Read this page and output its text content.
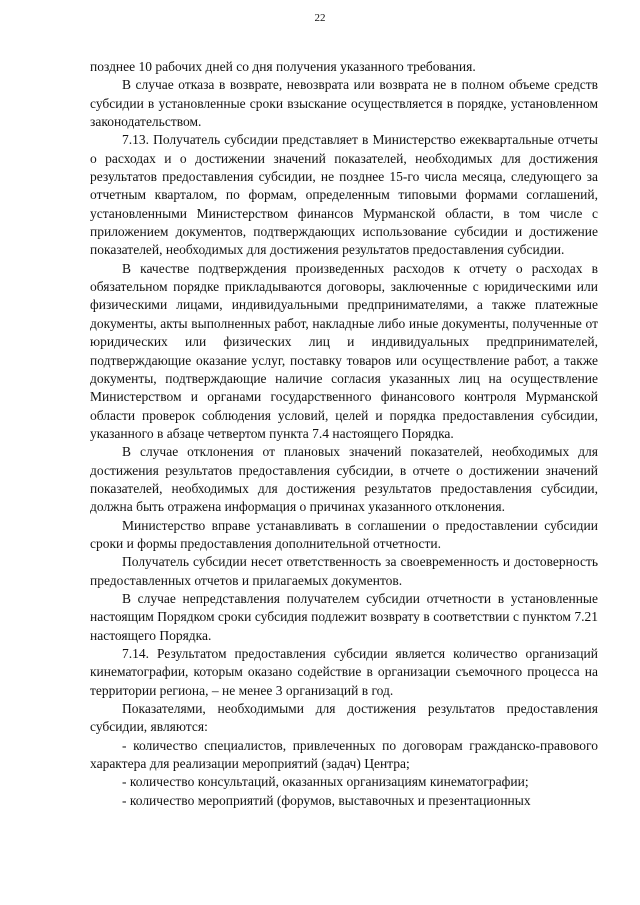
22

позднее 10 рабочих дней со дня получения указанного требования.

В случае отказа в возврате, невозврата или возврата не в полном объеме средств субсидии в установленные сроки взыскание осуществляется в порядке, установленном законодательством.

7.13. Получатель субсидии представляет в Министерство ежеквартальные отчеты о расходах и о достижении значений показателей, необходимых для достижения результатов предоставления субсидии, не позднее 15-го числа месяца, следующего за отчетным кварталом, по формам, определенным типовыми формами соглашений, установленными Министерством финансов Мурманской области, в том числе с приложением документов, подтверждающих использование субсидии и достижение показателей, необходимых для достижения результатов предоставления субсидии.

В качестве подтверждения произведенных расходов к отчету о расходах в обязательном порядке прикладываются договоры, заключенные с юридическими или физическими лицами, индивидуальными предпринимателями, а также платежные документы, акты выполненных работ, накладные либо иные документы, полученные от юридических или физических лиц и индивидуальных предпринимателей, подтверждающие оказание услуг, поставку товаров или осуществление работ, а также документы, подтверждающие наличие согласия указанных лиц на осуществление Министерством и органами государственного финансового контроля Мурманской области проверок соблюдения условий, целей и порядка предоставления субсидии, указанного в абзаце четвертом пункта 7.4 настоящего Порядка.

В случае отклонения от плановых значений показателей, необходимых для достижения результатов предоставления субсидии, в отчете о достижении значений показателей, необходимых для достижения результатов предоставления субсидии, должна быть отражена информация о причинах указанного отклонения.

Министерство вправе устанавливать в соглашении о предоставлении субсидии сроки и формы предоставления дополнительной отчетности.

Получатель субсидии несет ответственность за своевременность и достоверность предоставленных отчетов и прилагаемых документов.

В случае непредставления получателем субсидии отчетности в установленные настоящим Порядком сроки субсидия подлежит возврату в соответствии с пунктом 7.21 настоящего Порядка.

7.14. Результатом предоставления субсидии является количество организаций кинематографии, которым оказано содействие в организации съемочного процесса на территории региона, – не менее 3 организаций в год.

Показателями, необходимыми для достижения результатов предоставления субсидии, являются:

- количество специалистов, привлеченных по договорам гражданско-правового характера для реализации мероприятий (задач) Центра;

- количество консультаций, оказанных организациям кинематографии;

- количество мероприятий (форумов, выставочных и презентационных
